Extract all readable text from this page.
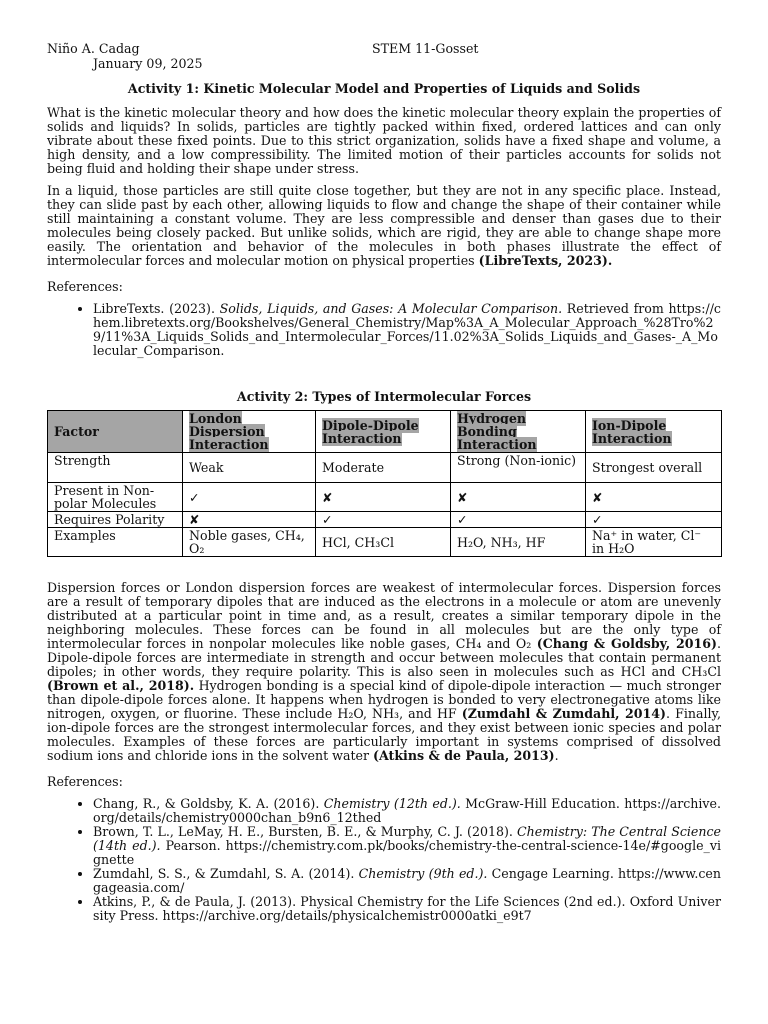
Niño A. Cadag	STEM 11-Gosset
January 09, 2025
Activity 1: Kinetic Molecular Model and Properties of Liquids and Solids

What is the kinetic molecular theory and how does the kinetic molecular theory explain the properties of solids and liquids? In solids, particles are tightly packed within fixed, ordered lattices and can only vibrate about these fixed points. Due to this strict organization, solids have a fixed shape and volume, a high density, and a low compressibility. The limited motion of their particles accounts for solids not being fluid and holding their shape under stress.

In a liquid, those particles are still quite close together, but they are not in any specific place. Instead, they can slide past by each other, allowing liquids to flow and change the shape of their container while still maintaining a constant volume. They are less compressible and denser than gases due to their molecules being closely packed. But unlike solids, which are rigid, they are able to change shape more easily. The orientation and behavior of the molecules in both phases illustrate the effect of intermolecular forces and molecular motion on physical properties (LibreTexts, 2023).

References:
• LibreTexts. (2023). Solids, Liquids, and Gases: A Molecular Comparison. Retrieved from https://chem.libretexts.org/Bookshelves/General_Chemistry/Map%3A_A_Molecular_Approach_%28Tro%29/11%3A_Liquids_Solids_and_Intermolecular_Forces/11.02%3A_Solids_Liquids_and_Gases-_A_Molecular_Comparison.
Activity 2: Types of Intermolecular Forces
Factor	London Dispersion Interaction	Dipole-Dipole Interaction	Hydrogen Bonding Interaction	Ion-Dipole Interaction
Strength	Weak	Moderate	Strong (Non-ionic)	Strongest overall
Present in Non-polar Molecules	✓	✘	✘	✘
Requires Polarity	✘	✓	✓	✓
Examples	Noble gases, CH₄, O₂	HCl, CH₃Cl	H₂O, NH₃, HF	Na⁺ in water, Cl⁻ in H₂O

Dispersion forces or London dispersion forces are weakest of intermolecular forces. Dispersion forces are a result of temporary dipoles that are induced as the electrons in a molecule or atom are unevenly distributed at a particular point in time and, as a result, creates a similar temporary dipole in the neighboring molecules. These forces can be found in all molecules but are the only type of intermolecular forces in nonpolar molecules like noble gases, CH₄ and O₂ (Chang & Goldsby, 2016). Dipole-dipole forces are intermediate in strength and occur between molecules that contain permanent dipoles; in other words, they require polarity. This is also seen in molecules such as HCl and CH₃Cl (Brown et al., 2018). Hydrogen bonding is a special kind of dipole-dipole interaction — much stronger than dipole-dipole forces alone. It happens when hydrogen is bonded to very electronegative atoms like nitrogen, oxygen, or fluorine. These include H₂O, NH₃, and HF (Zumdahl & Zumdahl, 2014). Finally, ion-dipole forces are the strongest intermolecular forces, and they exist between ionic species and polar molecules. Examples of these forces are particularly important in systems comprised of dissolved sodium ions and chloride ions in the solvent water (Atkins & de Paula, 2013).

References:
• Chang, R., & Goldsby, K. A. (2016). Chemistry (12th ed.). McGraw-Hill Education. https://archive.org/details/chemistry0000chan_b9n6_12thed
• Brown, T. L., LeMay, H. E., Bursten, B. E., & Murphy, C. J. (2018). Chemistry: The Central Science (14th ed.). Pearson. https://chemistry.com.pk/books/chemistry-the-central-science-14e/#google_vignette
• Zumdahl, S. S., & Zumdahl, S. A. (2014). Chemistry (9th ed.). Cengage Learning. https://www.cengageasia.com/
• Atkins, P., & de Paula, J. (2013). Physical Chemistry for the Life Sciences (2nd ed.). Oxford University Press. https://archive.org/details/physicalchemistr0000atki_e9t7
